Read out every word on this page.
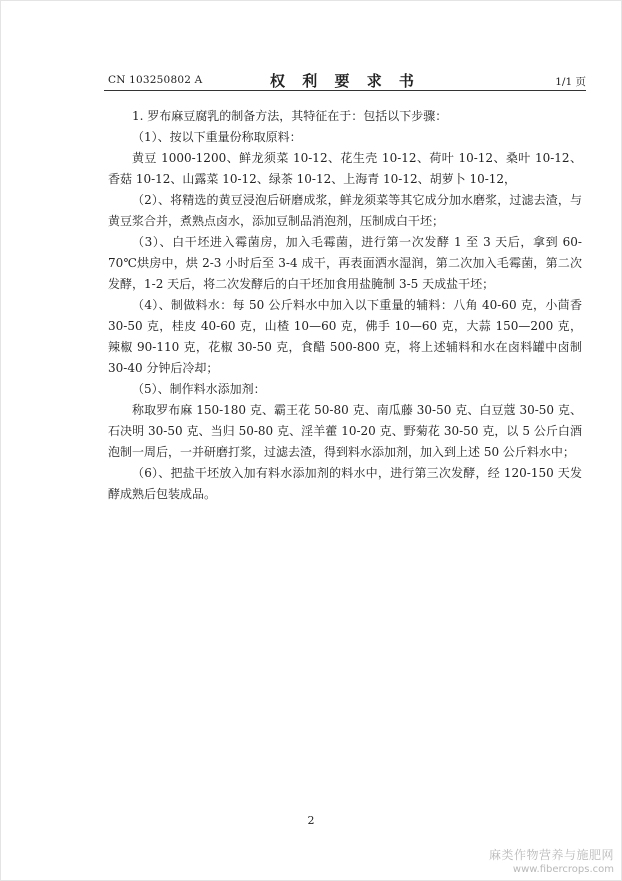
CN 103250802 A	权 利 要 求 书	1/1 页

1. 罗布麻豆腐乳的制备方法，其特征在于：包括以下步骤：

（1）、按以下重量份称取原料：

黄豆 1000-1200、鲜龙须菜 10-12、花生壳 10-12、荷叶 10-12、桑叶 10-12、香菇 10-12、山露菜 10-12、绿茶 10-12、上海青 10-12、胡萝卜 10-12，

（2）、将精选的黄豆浸泡后研磨成浆，鲜龙须菜等其它成分加水磨浆，过滤去渣，与黄豆浆合并，煮熟点卤水，添加豆制品消泡剂，压制成白干坯；

（3）、白干坯进入霉菌房，加入毛霉菌，进行第一次发酵 1 至 3 天后，拿到 60-70℃烘房中，烘 2-3 小时后至 3-4 成干，再表面洒水湿润，第二次加入毛霉菌，第二次发酵，1-2 天后，将二次发酵后的白干坯加食用盐腌制 3-5 天成盐干坯；

（4）、制做料水：每 50 公斤料水中加入以下重量的辅料：八角 40-60 克，小茴香 30-50 克，桂皮 40-60 克，山楂 10—60 克，佛手 10—60 克，大蒜 150—200 克，辣椒 90-110 克，花椒 30-50 克，食醋 500-800 克，将上述辅料和水在卤料罐中卤制 30-40 分钟后冷却；

（5）、制作料水添加剂：

称取罗布麻 150-180 克、霸王花 50-80 克、南瓜藤 30-50 克、白豆蔻 30-50 克、石决明 30-50 克、当归 50-80 克、淫羊藿 10-20 克、野菊花 30-50 克，以 5 公斤白酒泡制一周后，一并研磨打浆，过滤去渣，得到料水添加剂，加入到上述 50 公斤料水中；

（6）、把盐干坯放入加有料水添加剂的料水中，进行第三次发酵，经 120-150 天发酵成熟后包装成品。

2
麻类作物营养与施肥网
www.fibercrops.com
